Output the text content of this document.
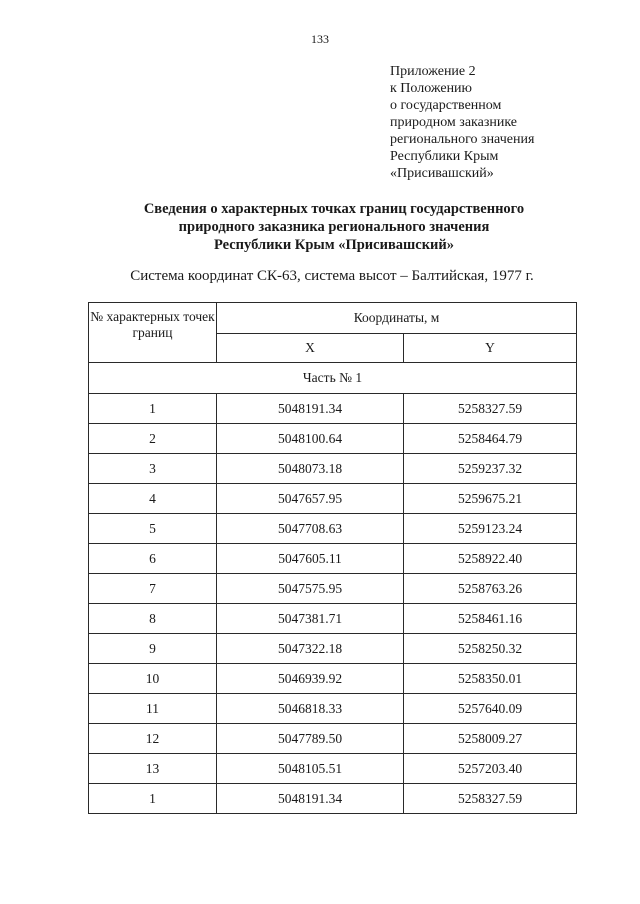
133
Приложение 2
к Положению
о государственном
природном заказнике
регионального значения
Республики Крым
«Присивашский»
Сведения о характерных точках границ государственного
природного заказника регионального значения
Республики Крым «Присивашский»
Система координат СК-63, система высот – Балтийская, 1977 г.
№ характерных точек границ	Координаты, м	
	X	Y
Часть № 1		
1	5048191.34	5258327.59
2	5048100.64	5258464.79
3	5048073.18	5259237.32
4	5047657.95	5259675.21
5	5047708.63	5259123.24
6	5047605.11	5258922.40
7	5047575.95	5258763.26
8	5047381.71	5258461.16
9	5047322.18	5258250.32
10	5046939.92	5258350.01
11	5046818.33	5257640.09
12	5047789.50	5258009.27
13	5048105.51	5257203.40
1	5048191.34	5258327.59
